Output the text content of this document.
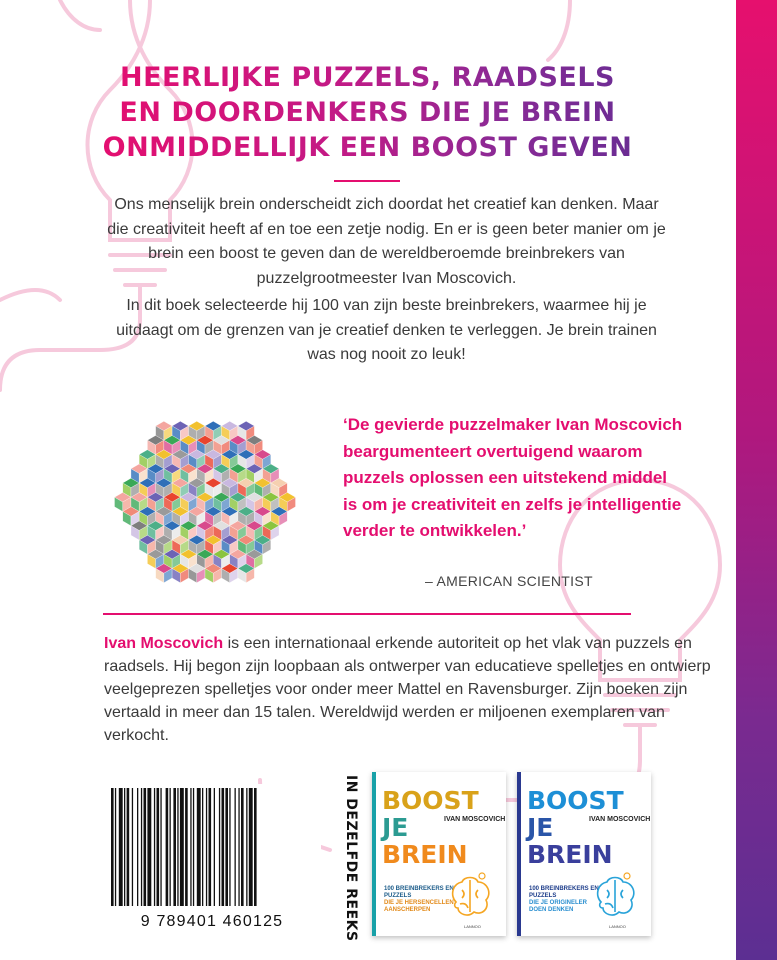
HEERLIJKE PUZZELS, RAADSELS EN DOORDENKERS DIE JE BREIN ONMIDDELLIJK EEN BOOST GEVEN
Ons menselijk brein onderscheidt zich doordat het creatief kan denken. Maar die creativiteit heeft af en toe een zetje nodig. En er is geen beter manier om je brein een boost te geven dan de wereldberoemde breinbrekers van puzzelgrootmeester Ivan Moscovich.
In dit boek selecteerde hij 100 van zijn beste breinbrekers, waarmee hij je uitdaagt om de grenzen van je creatief denken te verleggen. Je brein trainen was nog nooit zo leuk!
‘De gevierde puzzelmaker Ivan Moscovich beargumenteert overtuigend waarom puzzels oplossen een uitstekend middel is om je creativiteit en zelfs je intelligentie verder te ontwikkelen.’
– AMERICAN SCIENTIST
Ivan Moscovich is een internationaal erkende autoriteit op het vlak van puzzels en raadsels. Hij begon zijn loopbaan als ontwerper van educatieve spelletjes en ontwierp veelgeprezen spelletjes voor onder meer Mattel en Ravensburger. Zijn boeken zijn vertaald in meer dan 15 talen. Wereldwijd werden er miljoenen exemplaren van verkocht.
9 789401 460125	IN DEZELFDE REEKS BOOST
JE
BREIN
IVAN MOSCOVICH
100 BREINBREKERS EN PUZZELS
DIE JE HERSENCELLEN AANSCHERPEN
LANNOO
BOOST
JE
BREIN
IVAN MOSCOVICH
100 BREINBREKERS EN PUZZELS
DIE JE ORIGINELER DOEN DENKEN
LANNOO
